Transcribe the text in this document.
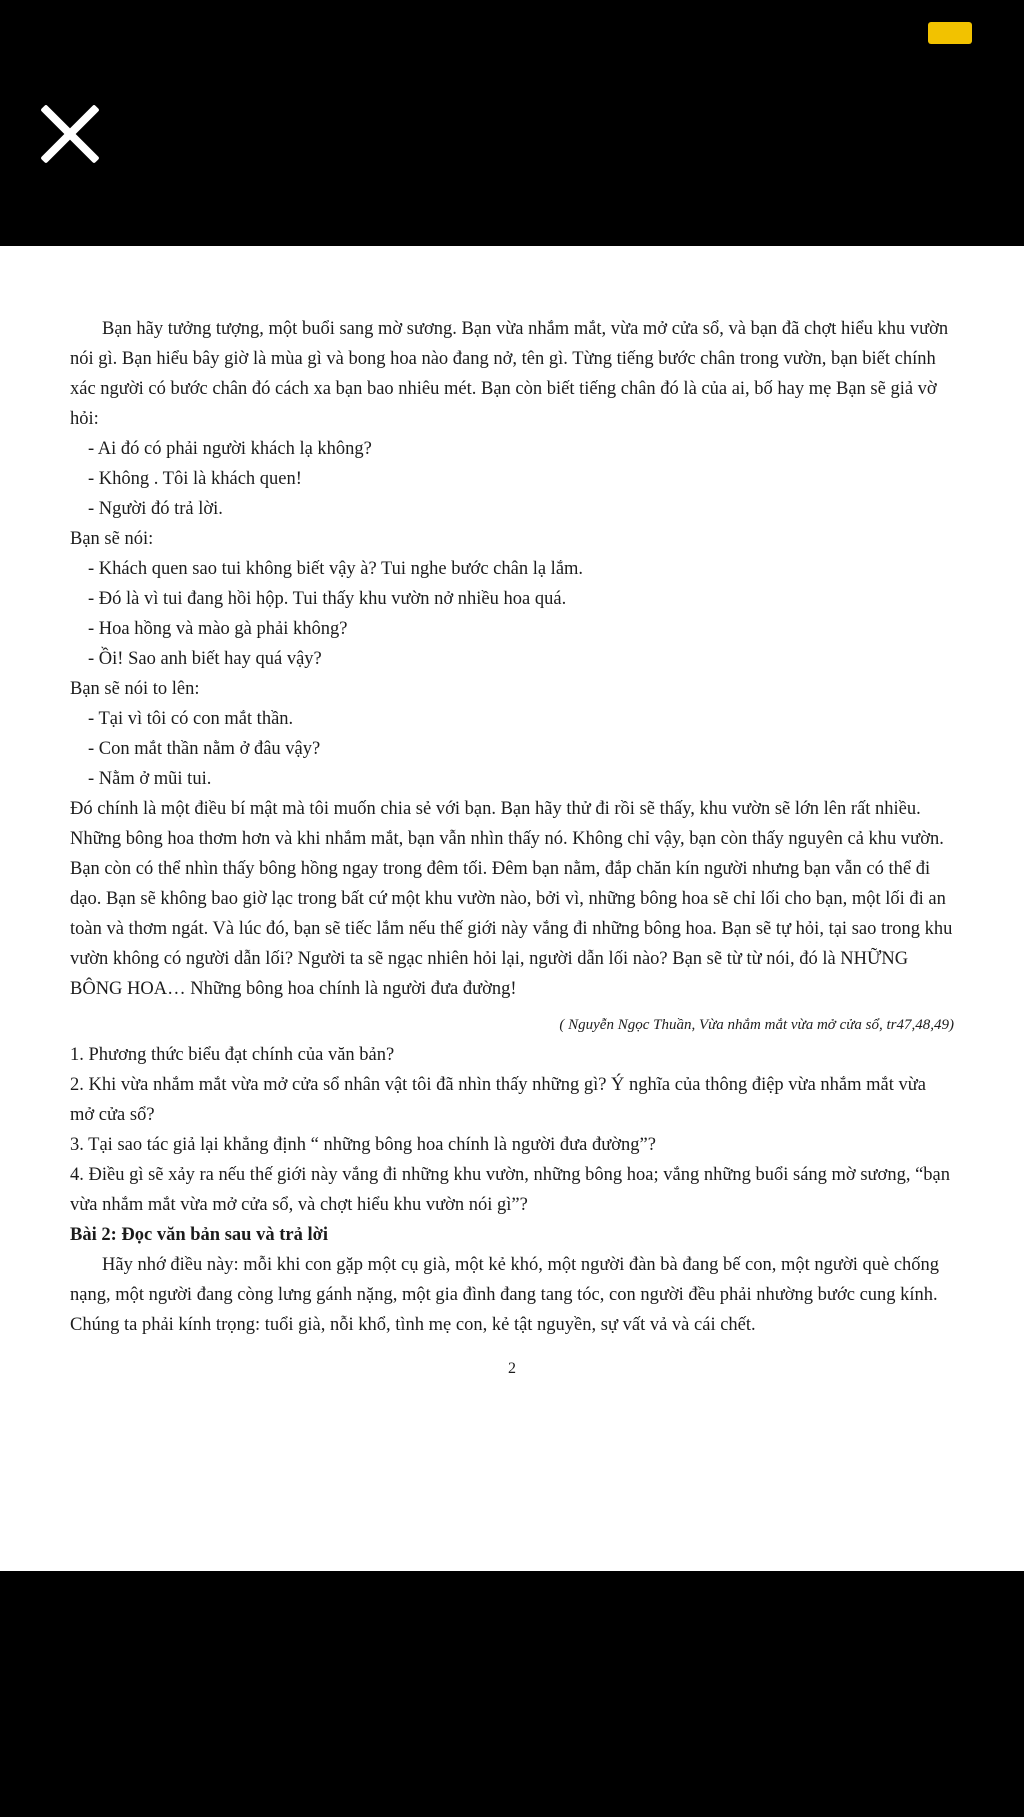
Bạn hãy tưởng tượng, một buổi sang mờ sương. Bạn vừa nhắm mắt, vừa mở cửa sổ, và bạn đã chợt hiểu khu vườn nói gì. Bạn hiểu bây giờ là mùa gì và bong hoa nào đang nở, tên gì. Từng tiếng bước chân trong vườn, bạn biết chính xác người có bước chân đó cách xa bạn bao nhiêu mét. Bạn còn biết tiếng chân đó là của ai, bố hay mẹ Bạn sẽ giả vờ hỏi:

- Ai đó có phải người khách lạ không?

- Không . Tôi là khách quen!

- Người đó trả lời.

Bạn sẽ nói:

- Khách quen sao tui không biết vậy à? Tui nghe bước chân lạ lắm.

- Đó là vì tui đang hồi hộp. Tui thấy khu vườn nở nhiều hoa quá.

- Hoa hồng và mào gà phải không?

- Ồi! Sao anh biết hay quá vậy?

Bạn sẽ nói to lên:

- Tại vì tôi có con mắt thần.

- Con mắt thần nằm ở đâu vậy?

- Nằm ở mũi tui.

Đó chính là một điều bí mật mà tôi muốn chia sẻ với bạn. Bạn hãy thử đi rồi sẽ thấy, khu vườn sẽ lớn lên rất nhiều. Những bông hoa thơm hơn và khi nhắm mắt, bạn vẫn nhìn thấy nó. Không chỉ vậy, bạn còn thấy nguyên cả khu vườn. Bạn còn có thể nhìn thấy bông hồng ngay trong đêm tối. Đêm bạn nằm, đắp chăn kín người nhưng bạn vẫn có thể đi dạo. Bạn sẽ không bao giờ lạc trong bất cứ một khu vườn nào, bởi vì, những bông hoa sẽ chỉ lối cho bạn, một lối đi an toàn và thơm ngát. Và lúc đó, bạn sẽ tiếc lắm nếu thế giới này vắng đi những bông hoa. Bạn sẽ tự hỏi, tại sao trong khu vườn không có người dẫn lối? Người ta sẽ ngạc nhiên hỏi lại, người dẫn lối nào? Bạn sẽ từ từ nói, đó là NHỮNG BÔNG HOA… Những bông hoa chính là người đưa đường!

( Nguyễn Ngọc Thuần, Vừa nhắm mắt vừa mở cửa sổ, tr47,48,49)

1. Phương thức biểu đạt chính của văn bản?

2. Khi vừa nhắm mắt vừa mở cửa sổ nhân vật tôi đã nhìn thấy những gì? Ý nghĩa của thông điệp vừa nhắm mắt vừa mở cửa sổ?

3. Tại sao tác giả lại khẳng định “ những bông hoa chính là người đưa đường”?

4. Điều gì sẽ xảy ra nếu thế giới này vắng đi những khu vườn, những bông hoa; vắng những buổi sáng mờ sương, “bạn vừa nhắm mắt vừa mở cửa sổ, và chợt hiểu khu vườn nói gì”?

Bài 2: Đọc văn bản sau và trả lời

Hãy nhớ điều này: mỗi khi con gặp một cụ già, một kẻ khó, một người đàn bà đang bế con, một người què chống nạng, một người đang còng lưng gánh nặng, một gia đình đang tang tóc, con người đều phải nhường bước cung kính. Chúng ta phải kính trọng: tuổi già, nỗi khổ, tình mẹ con, kẻ tật nguyền, sự vất vả và cái chết.

2
